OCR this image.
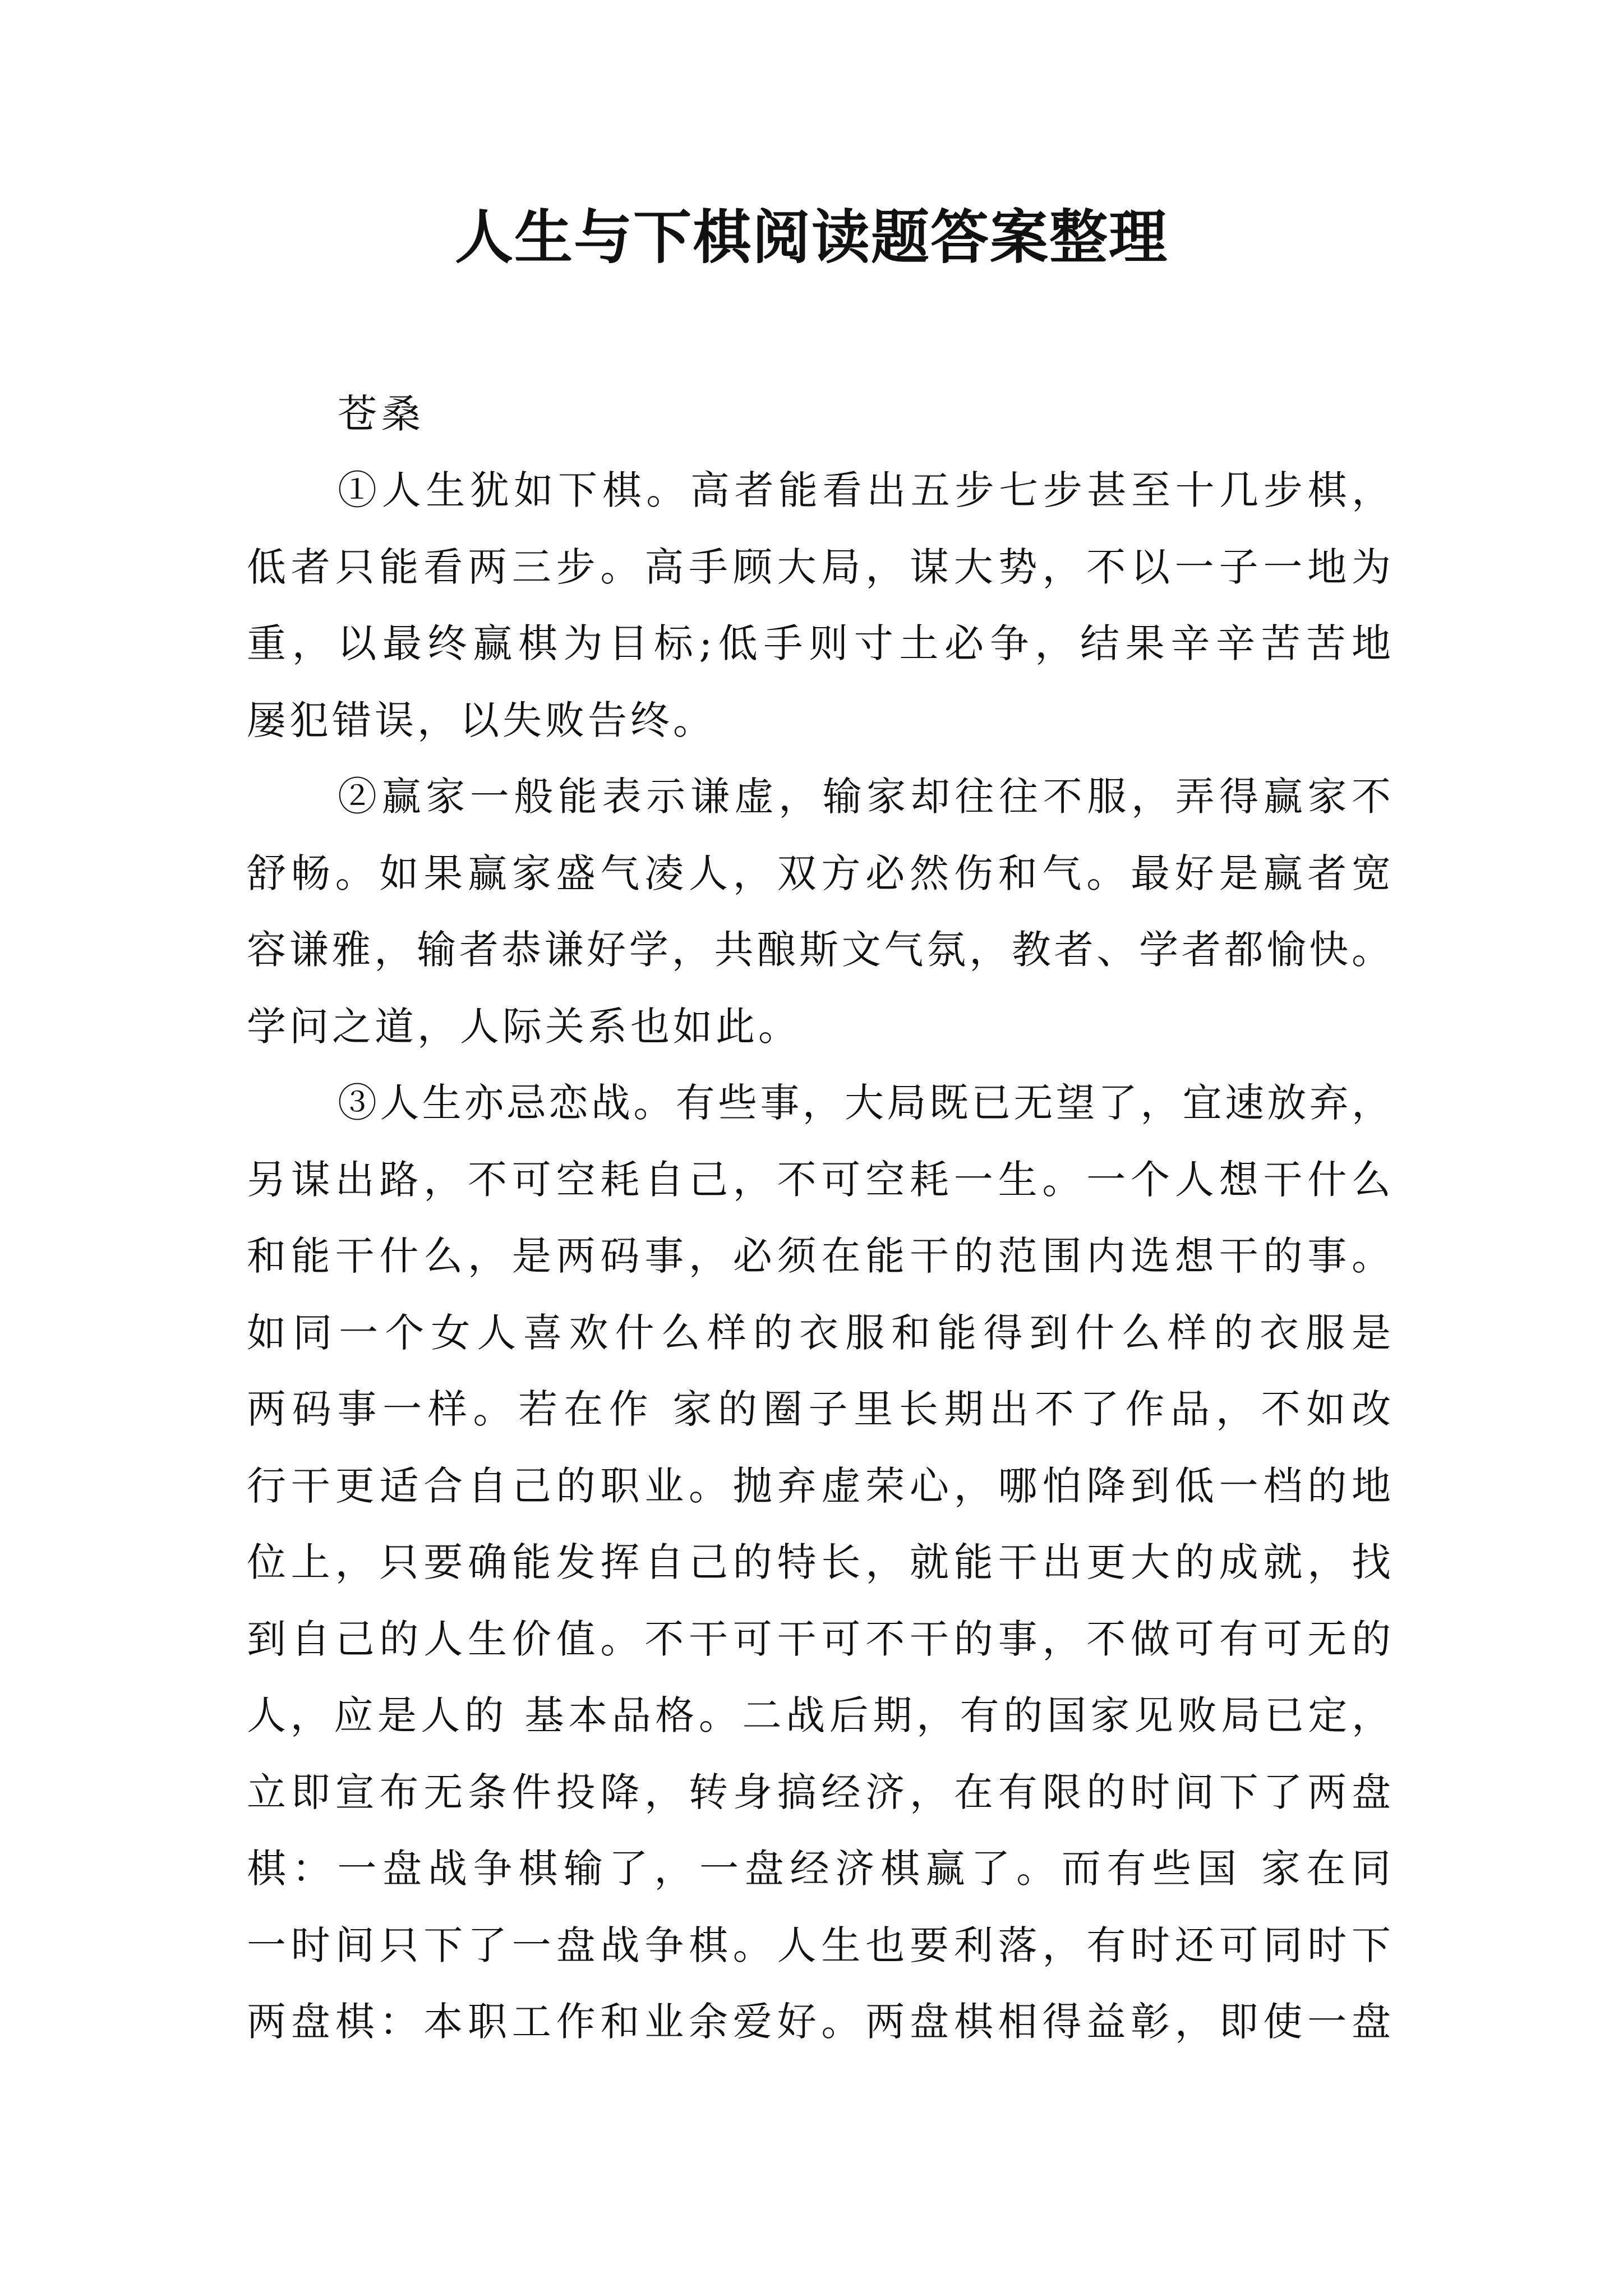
人生与下棋阅读题答案整理

苍桑

①人生犹如下棋。高者能看出五步七步甚至十几步棋，
低者只能看两三步。高手顾大局，谋大势，不以一子一地为
重，以最终赢棋为目标;低手则寸土必争，结果辛辛苦苦地
屡犯错误，以失败告终。
②赢家一般能表示谦虚，输家却往往不服，弄得赢家不
舒畅。如果赢家盛气凌人，双方必然伤和气。最好是赢者宽
容谦雅，输者恭谦好学，共酿斯文气氛，教者、学者都愉快。
学问之道，人际关系也如此。
③人生亦忌恋战。有些事，大局既已无望了，宜速放弃，
另谋出路，不可空耗自己，不可空耗一生。一个人想干什么
和能干什么，是两码事，必须在能干的范围内选想干的事。
如同一个女人喜欢什么样的衣服和能得到什么样的衣服是
两码事一样。若在作 家的圈子里长期出不了作品，不如改
行干更适合自己的职业。抛弃虚荣心，哪怕降到低一档的地
位上，只要确能发挥自己的特长，就能干出更大的成就，找
到自己的人生价值。不干可干可不干的事，不做可有可无的
人，应是人的 基本品格。二战后期，有的国家见败局已定，
立即宣布无条件投降，转身搞经济，在有限的时间下了两盘
棋：一盘战争棋输了，一盘经济棋赢了。而有些国 家在同
一时间只下了一盘战争棋。人生也要利落，有时还可同时下
两盘棋：本职工作和业余爱好。两盘棋相得益彰，即使一盘
